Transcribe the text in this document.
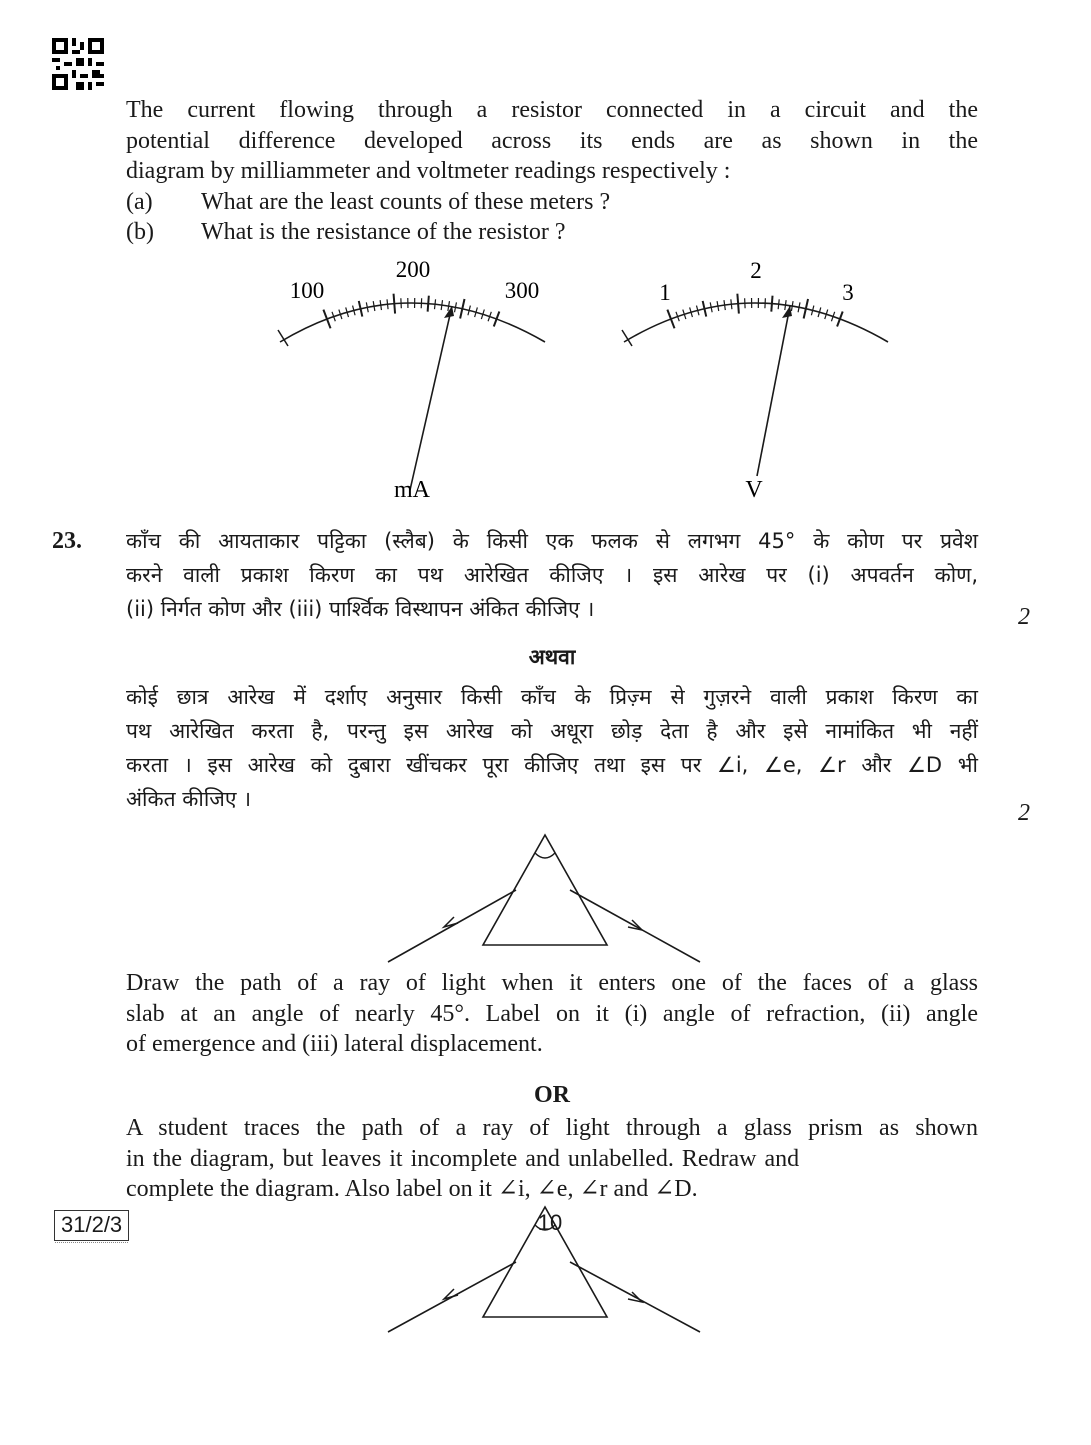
The current flowing through a resistor connected in a circuit and the
potential difference developed across its ends are as shown in the
diagram by milliammeter and voltmeter readings respectively :
(a)	What are the least counts of these meters ?
(b)	What is the resistance of the resistor ?
100
200
300
mA
1
2
3
V
23. काँच की आयताकार पट्टिका (स्लैब) के किसी एक फलक से लगभग 45° के कोण पर प्रवेश
करने वाली प्रकाश किरण का पथ आरेखित कीजिए । इस आरेख पर (i) अपवर्तन कोण,
(ii) निर्गत कोण और (iii) पार्श्विक विस्थापन अंकित कीजिए ।	2
अथवा
कोई छात्र आरेख में दर्शाए अनुसार किसी काँच के प्रिज़्म से गुज़रने वाली प्रकाश किरण का
पथ आरेखित करता है, परन्तु इस आरेख को अधूरा छोड़ देता है और इसे नामांकित भी नहीं
करता । इस आरेख को दुबारा खींचकर पूरा कीजिए तथा इस पर ∠i, ∠e, ∠r और ∠D भी
अंकित कीजिए ।
2
Draw the path of a ray of light when it enters one of the faces of a glass
slab at an angle of nearly 45°. Label on it (i) angle of refraction, (ii) angle
of emergence and (iii) lateral displacement.
OR
A student traces the path of a ray of light through a glass prism as shown
in the diagram, but leaves it incomplete and unlabelled. Redraw and
complete the diagram. Also label on it ∠i, ∠e, ∠r and ∠D.
31/2/3	10
